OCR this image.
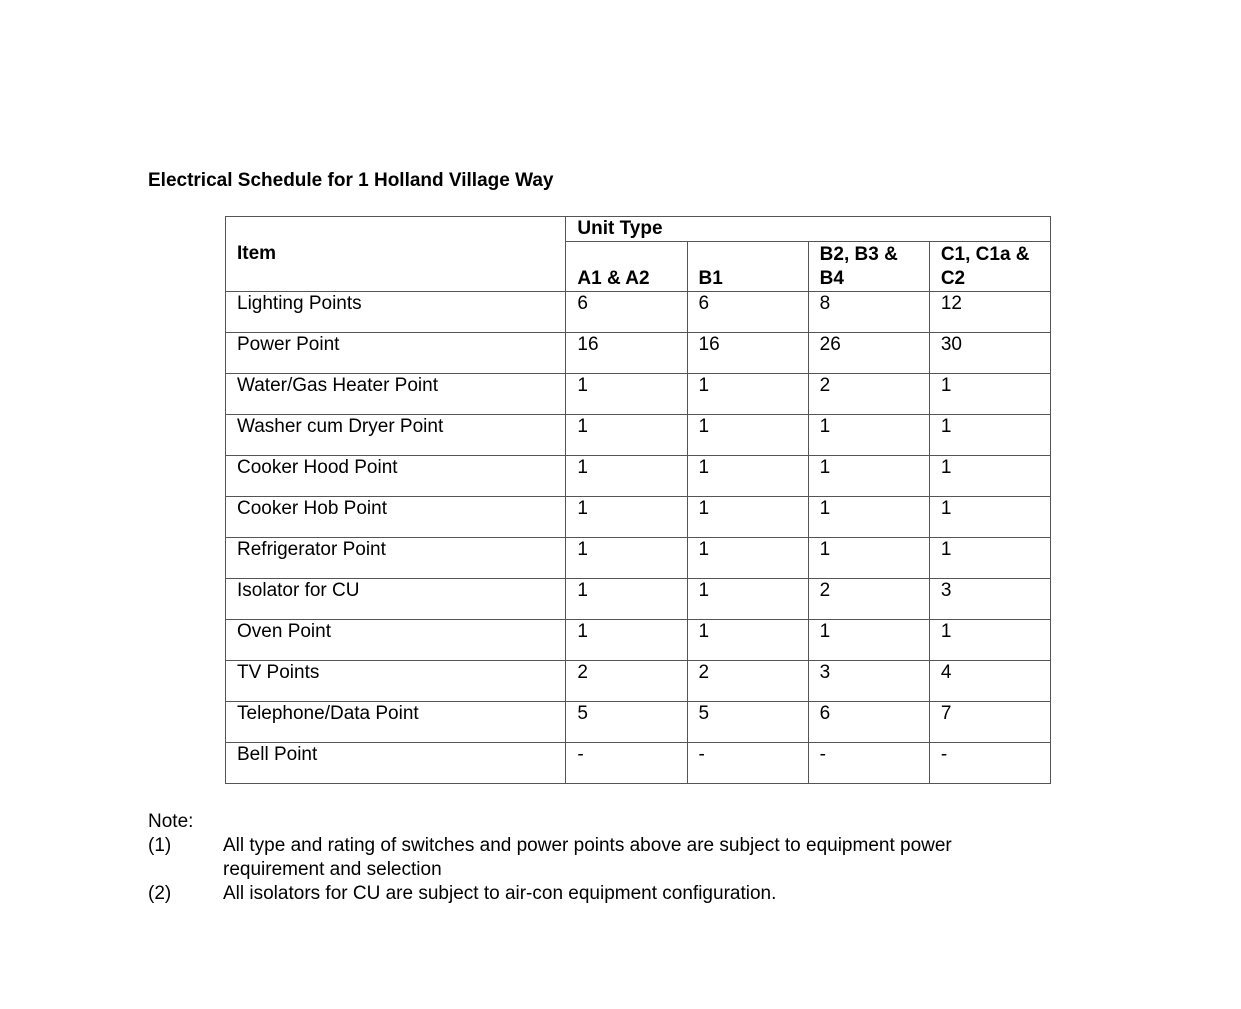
Electrical Schedule for 1 Holland Village Way
Item	Unit Type			
	A1 & A2	B1	B2, B3 & B4	C1, C1a & C2
Lighting Points	6	6	8	12
Power Point	16	16	26	30
Water/Gas Heater Point	1	1	2	1
Washer cum Dryer Point	1	1	1	1
Cooker Hood Point	1	1	1	1
Cooker Hob Point	1	1	1	1
Refrigerator Point	1	1	1	1
Isolator for CU	1	1	2	3
Oven Point	1	1	1	1
TV Points	2	2	3	4
Telephone/Data Point	5	5	6	7
Bell Point	-	-	-	-
Note:
(1)	All type and rating of switches and power points above are subject to equipment power requirement and selection
(2)	All isolators for CU are subject to air-con equipment configuration.
